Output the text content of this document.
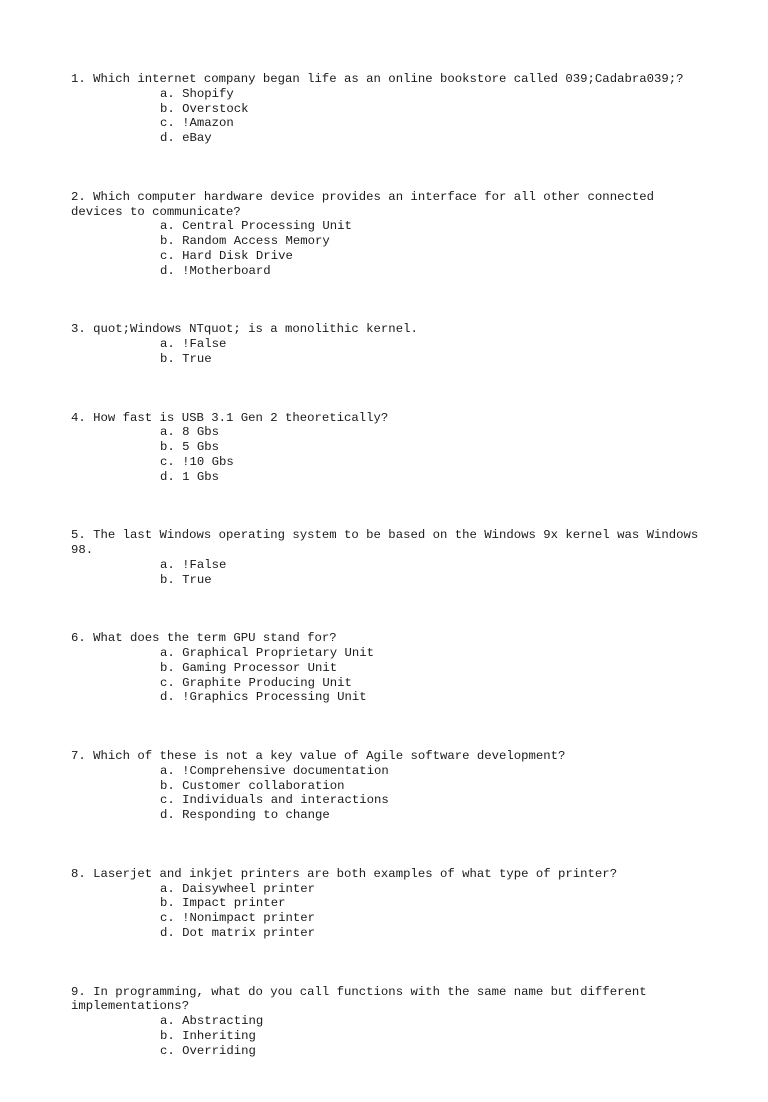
1. Which internet company began life as an online bookstore called 039;Cadabra039;?
a. Shopify
b. Overstock
c. !Amazon
d. eBay
2. Which computer hardware device provides an interface for all other connected devices to communicate?
a. Central Processing Unit
b. Random Access Memory
c. Hard Disk Drive
d. !Motherboard
3. quot;Windows NTquot; is a monolithic kernel.
a. !False
b. True
4. How fast is USB 3.1 Gen 2 theoretically?
a. 8 Gbs
b. 5 Gbs
c. !10 Gbs
d. 1 Gbs
5. The last Windows operating system to be based on the Windows 9x kernel was Windows 98.
a. !False
b. True
6. What does the term GPU stand for?
a. Graphical Proprietary Unit
b. Gaming Processor Unit
c. Graphite Producing Unit
d. !Graphics Processing Unit
7. Which of these is not a key value of Agile software development?
a. !Comprehensive documentation
b. Customer collaboration
c. Individuals and interactions
d. Responding to change
8. Laserjet and inkjet printers are both examples of what type of printer?
a. Daisywheel printer
b. Impact printer
c. !Nonimpact printer
d. Dot matrix printer
9. In programming, what do you call functions with the same name but different implementations?
a. Abstracting
b. Inheriting
c. Overriding
